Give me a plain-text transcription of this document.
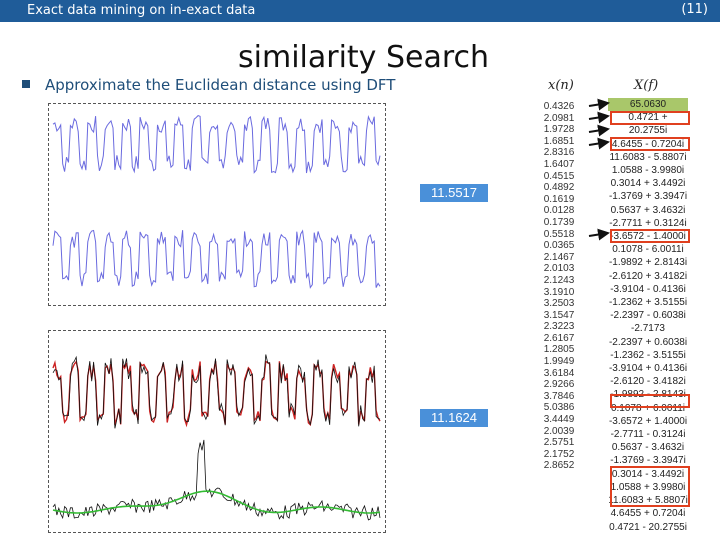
Exact data mining on in-exact data	(11)
similarity Search
Approximate the Euclidean distance using DFT
11.5517
11.1624
x(n)	X(f)
0.4326
2.0981
1.9728
1.6851
2.8316
1.6407
0.4515
0.4892
0.1619
0.0128
0.1739
0.5518
0.0365
2.1467
2.0103
2.1243
3.1910
3.2503
3.1547
2.3223
2.6167
1.2805
1.9949
3.6184
2.9266
3.7846
5.0386
3.4449
2.0039
2.5751
2.1752
2.8652
65.0630
0.4721 + 20.2755i
4.6455 - 0.7204i
11.6083 - 5.8807i
1.0588 - 3.9980i
0.3014 + 3.4492i
-1.3769 + 3.3947i
0.5637 + 3.4632i
-2.7711 + 0.3124i
-3.6572 - 1.4000i
0.1078 - 6.0011i
-1.9892 + 2.8143i
-2.6120 + 3.4182i
-3.9104 - 0.4136i
-1.2362 + 3.5155i
-2.2397 - 0.6038i
-2.7173
-2.2397 + 0.6038i
-1.2362 - 3.5155i
-3.9104 + 0.4136i
-2.6120 - 3.4182i
-1.9892 - 2.8143i
0.1078 + 6.0011i
-3.6572 + 1.4000i
-2.7711 - 0.3124i
0.5637 - 3.4632i
-1.3769 - 3.3947i
0.3014 - 3.4492i
1.0588 + 3.9980i
11.6083 + 5.8807i
4.6455 + 0.7204i
0.4721 - 20.2755i
